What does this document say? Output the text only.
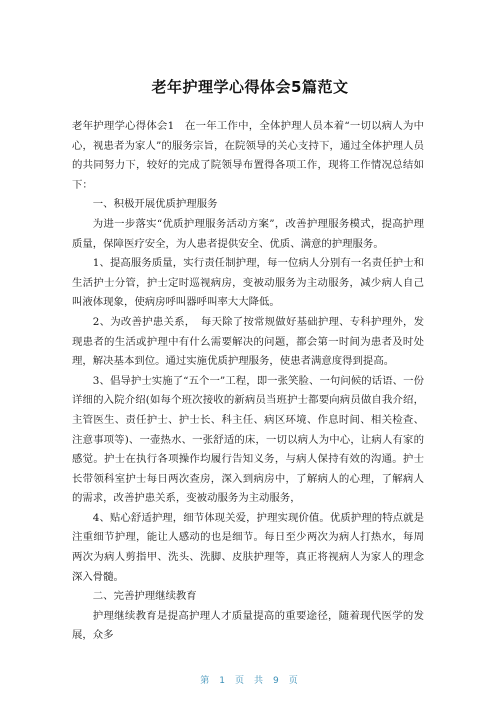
老年护理学心得体会5篇范文

老年护理学心得体会1　在一年工作中，全体护理人员本着“一切以病人为中心，视患者为家人”的服务宗旨，在院领导的关心支持下，通过全体护理人员的共同努力下，较好的完成了院领导布置得各项工作，现将工作情况总结如下：

一、积极开展优质护理服务

为进一步落实“优质护理服务活动方案”，改善护理服务模式，提高护理质量，保障医疗安全，为人患者提供安全、优质、满意的护理服务。

1、提高服务质量，实行责任制护理，每一位病人分别有一名责任护士和生活护士分管，护士定时巡视病房，变被动服务为主动服务，减少病人自己叫液体现象，使病房呼叫器呼叫率大大降低。

2、为改善护患关系，　每天除了按常规做好基础护理、专科护理外，发现患者的生活或护理中有什么需要解决的问题，都会第一时间为患者及时处理，解决基本到位。通过实施优质护理服务，使患者满意度得到提高。

3、倡导护士实施了“五个一”工程，即一张笑脸、一句问候的话语、一份详细的入院介绍(如每个班次接收的新病员当班护士都要向病员做自我介绍，主管医生、责任护士、护士长、科主任、病区环境、作息时间、相关检查、注意事项等)、一壶热水、一张舒适的床，一切以病人为中心，让病人有家的感觉。护士在执行各项操作均履行告知义务，与病人保持有效的沟通。护士长带领科室护士每日两次查房，深入到病房中，了解病人的心理，了解病人的需求，改善护患关系，变被动服务为主动服务，

4、贴心舒适护理，细节体现关爱，护理实现价值。优质护理的特点就是注重细节护理，能让人感动的也是细节。每日至少两次为病人打热水，每周两次为病人剪指甲、洗头、洗脚、皮肤护理等，真正将视病人为家人的理念深入骨髓。

二、完善护理继续教育

护理继续教育是提高护理人才质量提高的重要途径，随着现代医学的发展，众多

第 1 页 共 9 页
